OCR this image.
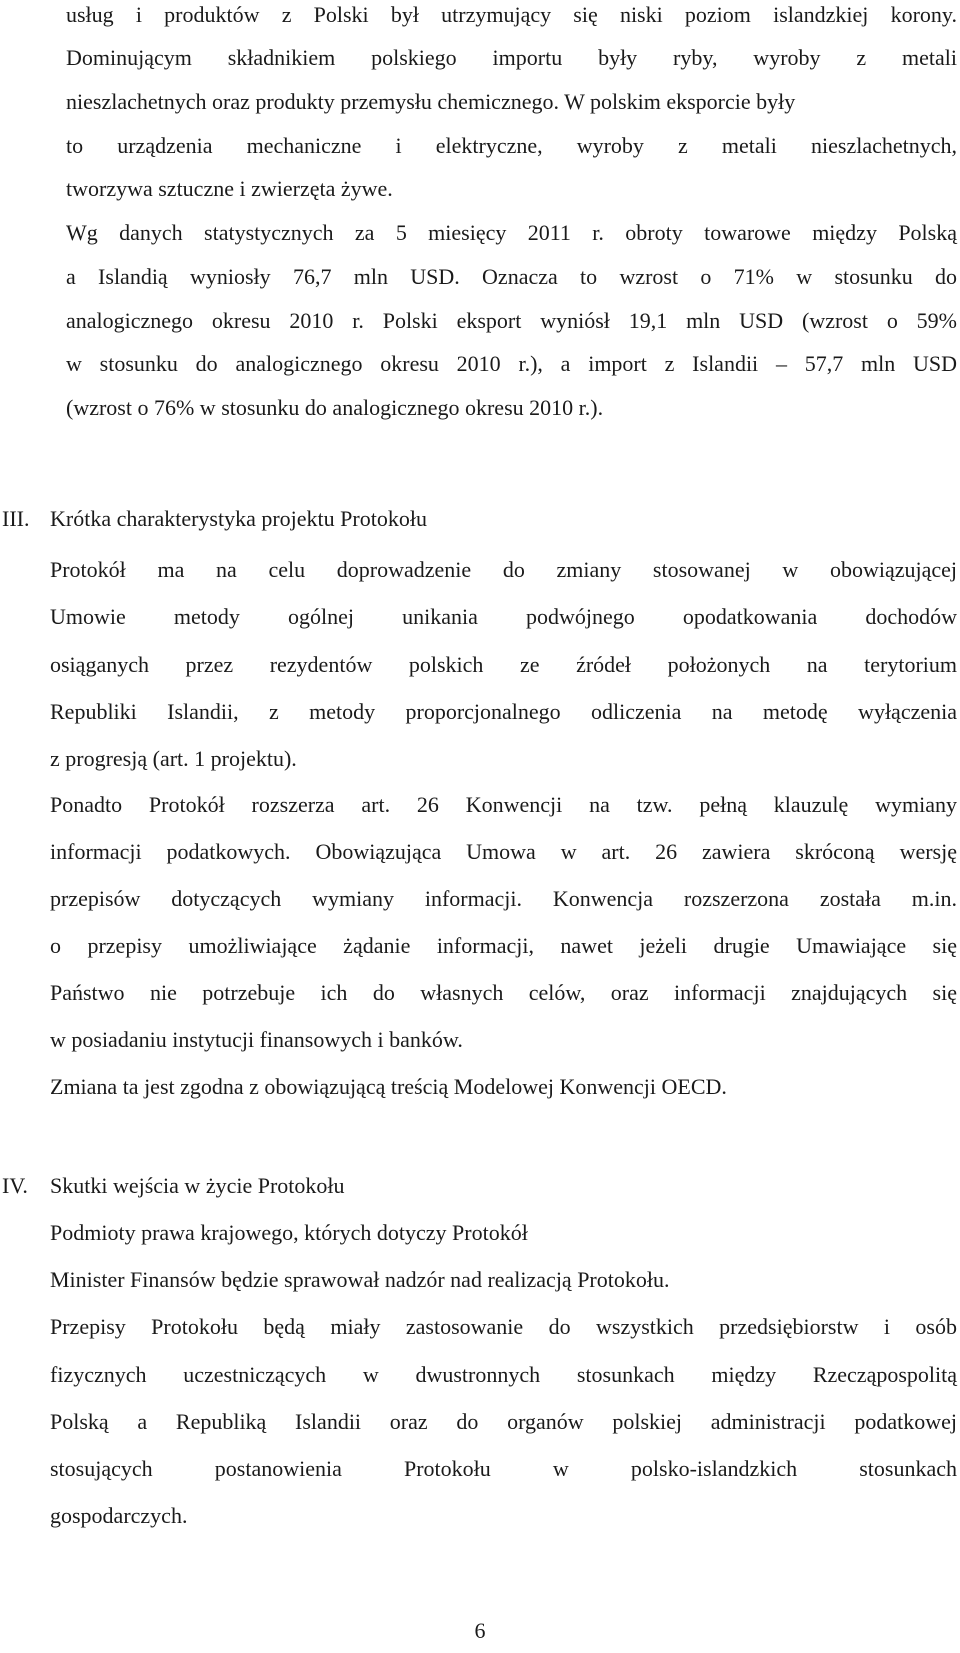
usług i produktów z Polski był utrzymujący się niski poziom islandzkiej korony.
Dominującym składnikiem polskiego importu były ryby, wyroby z metali
nieszlachetnych oraz produkty przemysłu chemicznego. W polskim eksporcie były
to urządzenia mechaniczne i elektryczne, wyroby z metali nieszlachetnych,
tworzywa sztuczne i zwierzęta żywe.
Wg danych statystycznych za 5 miesięcy 2011 r. obroty towarowe między Polską
a Islandią wyniosły 76,7 mln USD. Oznacza to wzrost o 71% w stosunku do
analogicznego okresu 2010 r. Polski eksport wyniósł 19,1 mln USD (wzrost o 59%
w stosunku do analogicznego okresu 2010 r.), a import z Islandii – 57,7 mln USD
(wzrost o 76% w stosunku do analogicznego okresu 2010 r.).
III. Krótka charakterystyka projektu Protokołu
Protokół ma na celu doprowadzenie do zmiany stosowanej w obowiązującej
Umowie metody ogólnej unikania podwójnego opodatkowania dochodów
osiąganych przez rezydentów polskich ze źródeł położonych na terytorium
Republiki Islandii, z metody proporcjonalnego odliczenia na metodę wyłączenia
z progresją (art. 1 projektu).
Ponadto Protokół rozszerza art. 26 Konwencji na tzw. pełną klauzulę wymiany
informacji podatkowych. Obowiązująca Umowa w art. 26 zawiera skróconą wersję
przepisów dotyczących wymiany informacji. Konwencja rozszerzona została m.in.
o przepisy umożliwiające żądanie informacji, nawet jeżeli drugie Umawiające się
Państwo nie potrzebuje ich do własnych celów, oraz informacji znajdujących się
w posiadaniu instytucji finansowych i banków.
Zmiana ta jest zgodna z obowiązującą treścią Modelowej Konwencji OECD.
IV. Skutki wejścia w życie Protokołu
Podmioty prawa krajowego, których dotyczy Protokół
Minister Finansów będzie sprawował nadzór nad realizacją Protokołu.
Przepisy Protokołu będą miały zastosowanie do wszystkich przedsiębiorstw i osób
fizycznych uczestniczących w dwustronnych stosunkach między Rzecząpospolitą
Polską a Republiką Islandii oraz do organów polskiej administracji podatkowej
stosujących postanowienia Protokołu w polsko-islandzkich stosunkach
gospodarczych.
6
